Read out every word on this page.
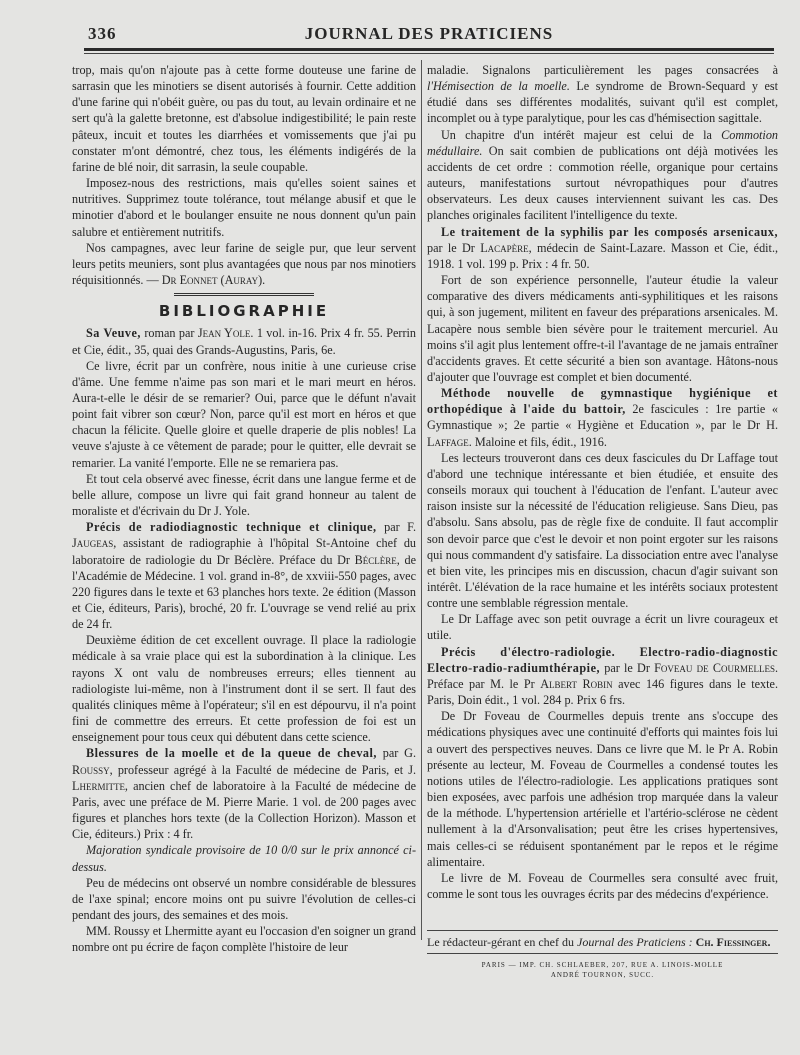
336	JOURNAL DES PRATICIENS

trop, mais qu'on n'ajoute pas à cette forme douteuse une farine de sarrasin que les minotiers se disent autorisés à fournir. Cette addition d'une farine qui n'obéit guère, ou pas du tout, au levain ordinaire et ne sert qu'à la galette bretonne, est d'absolue indigestibilité; le pain reste pâteux, incuit et toutes les diarrhées et vomissements que j'ai pu constater m'ont démontré, chez tous, les éléments indigérés de la farine de blé noir, dit sarrasin, la seule coupable.

Imposez-nous des restrictions, mais qu'elles soient saines et nutritives. Supprimez toute tolérance, tout mélange abusif et que le minotier d'abord et le boulanger ensuite ne nous donnent qu'un pain salubre et entièrement nutritifs.

Nos campagnes, avec leur farine de seigle pur, que leur servent leurs petits meuniers, sont plus avantagées que nous par nos minotiers réquisitionnés. — Dr Eonnet (Auray).

BIBLIOGRAPHIE

Sa Veuve, roman par Jean Yole. 1 vol. in-16. Prix 4 fr. 55. Perrin et Cie, édit., 35, quai des Grands-Augustins, Paris, 6e.

Ce livre, écrit par un confrère, nous initie à une curieuse crise d'âme. Une femme n'aime pas son mari et le mari meurt en héros. Aura-t-elle le désir de se remarier? Oui, parce que le défunt n'avait point fait vibrer son cœur? Non, parce qu'il est mort en héros et que chacun la félicite. Quelle gloire et quelle draperie de plis nobles! La veuve s'ajuste à ce vêtement de parade; pour le quitter, elle devrait se remarier. La vanité l'emporte. Elle ne se remariera pas.

Et tout cela observé avec finesse, écrit dans une langue ferme et de belle allure, compose un livre qui fait grand honneur au talent de moraliste et d'écrivain du Dr J. Yole.

Précis de radiodiagnostic technique et clinique, par F. Jaugeas, assistant de radiographie à l'hôpital St-Antoine chef du laboratoire de radiologie du Dr Béclère. Préface du Dr Béclère, de l'Académie de Médecine. 1 vol. grand in-8°, de xxviii-550 pages, avec 220 figures dans le texte et 63 planches hors texte. 2e édition (Masson et Cie, éditeurs, Paris), broché, 20 fr. L'ouvrage se vend relié au prix de 24 fr.

Deuxième édition de cet excellent ouvrage. Il place la radiologie médicale à sa vraie place qui est la subordination à la clinique. Les rayons X ont valu de nombreuses erreurs; elles tiennent au radiologiste lui-même, non à l'instrument dont il se sert. Il faut des qualités cliniques même à l'opérateur; s'il en est dépourvu, il n'a point fini de commettre des erreurs. Et cette profession de foi est un enseignement pour tous ceux qui débutent dans cette science.

Blessures de la moelle et de la queue de cheval, par G. Roussy, professeur agrégé à la Faculté de médecine de Paris, et J. Lhermitte, ancien chef de laboratoire à la Faculté de médecine de Paris, avec une préface de M. Pierre Marie. 1 vol. de 200 pages avec figures et planches hors texte (de la Collection Horizon). Masson et Cie, éditeurs.) Prix : 4 fr.

Majoration syndicale provisoire de 10 0/0 sur le prix annoncé ci-dessus.

Peu de médecins ont observé un nombre considérable de blessures de l'axe spinal; encore moins ont pu suivre l'évolution de celles-ci pendant des jours, des semaines et des mois.

MM. Roussy et Lhermitte ayant eu l'occasion d'en soigner un grand nombre ont pu écrire de façon complète l'histoire de leur

maladie. Signalons particulièrement les pages consacrées à l'Hémisection de la moelle. Le syndrome de Brown-Sequard y est étudié dans ses différentes modalités, suivant qu'il est complet, incomplet ou à type paralytique, pour les cas d'hémisection sagittale.

Un chapitre d'un intérêt majeur est celui de la Commotion médullaire. On sait combien de publications ont déjà motivées les accidents de cet ordre : commotion réelle, organique pour certains auteurs, manifestations surtout névropathiques pour d'autres observateurs. Les deux causes interviennent suivant les cas. Des planches originales facilitent l'intelligence du texte.

Le traitement de la syphilis par les composés arsenicaux, par le Dr Lacapère, médecin de Saint-Lazare. Masson et Cie, édit., 1918. 1 vol. 199 p. Prix : 4 fr. 50.

Fort de son expérience personnelle, l'auteur étudie la valeur comparative des divers médicaments anti-syphilitiques et les raisons qui, à son jugement, militent en faveur des préparations arsenicales. M. Lacapère nous semble bien sévère pour le traitement mercuriel. Au moins s'il agit plus lentement offre-t-il l'avantage de ne jamais entraîner d'accidents graves. Et cette sécurité a bien son avantage. Hâtons-nous d'ajouter que l'ouvrage est complet et bien documenté.

Méthode nouvelle de gymnastique hygiénique et orthopédique à l'aide du battoir, 2e fascicules : 1re partie « Gymnastique »; 2e partie « Hygiène et Education », par le Dr H. Laffage. Maloine et fils, édit., 1916.

Les lecteurs trouveront dans ces deux fascicules du Dr Laffage tout d'abord une technique intéressante et bien étudiée, et ensuite des conseils moraux qui touchent à l'éducation de l'enfant. L'auteur avec raison insiste sur la nécessité de l'éducation religieuse. Sans Dieu, pas d'absolu. Sans absolu, pas de règle fixe de conduite. Il faut accomplir son devoir parce que c'est le devoir et non point ergoter sur les raisons qui nous commandent d'y satisfaire. La dissociation entre avec l'analyse et bien vite, les principes mis en discussion, chacun d'agir suivant son intérêt. L'élévation de la race humaine et les intérêts sociaux protestent contre une semblable régression mentale.

Le Dr Laffage avec son petit ouvrage a écrit un livre courageux et utile.

Précis d'électro-radiologie. Electro-radio-diagnostic Electro-radio-radiumthérapie, par le Dr Foveau de Courmelles. Préface par M. le Pr Albert Robin avec 146 figures dans le texte. Paris, Doin édit., 1 vol. 284 p. Prix 6 frs.

De Dr Foveau de Courmelles depuis trente ans s'occupe des médications physiques avec une continuité d'efforts qui maintes fois lui a ouvert des perspectives neuves. Dans ce livre que M. le Pr A. Robin présente au lecteur, M. Foveau de Courmelles a condensé toutes les notions utiles de l'électro-radiologie. Les applications pratiques sont bien exposées, avec parfois une adhésion trop marquée dans la valeur de la méthode. L'hypertension artérielle et l'artério-sclérose ne cèdent nullement à la d'Arsonvalisation; peut être les crises hypertensives, mais celles-ci se réduisent spontanément par le repos et le régime alimentaire.

Le livre de M. Foveau de Courmelles sera consulté avec fruit, comme le sont tous les ouvrages écrits par des médecins d'expérience.

Le rédacteur-gérant en chef du Journal des Praticiens : Ch. Fiessinger.
PARIS — IMP. CH. SCHLAEBER, 207, RUE A. LINOIS-MOLLE
ANDRÉ TOURNON, SUCC.
